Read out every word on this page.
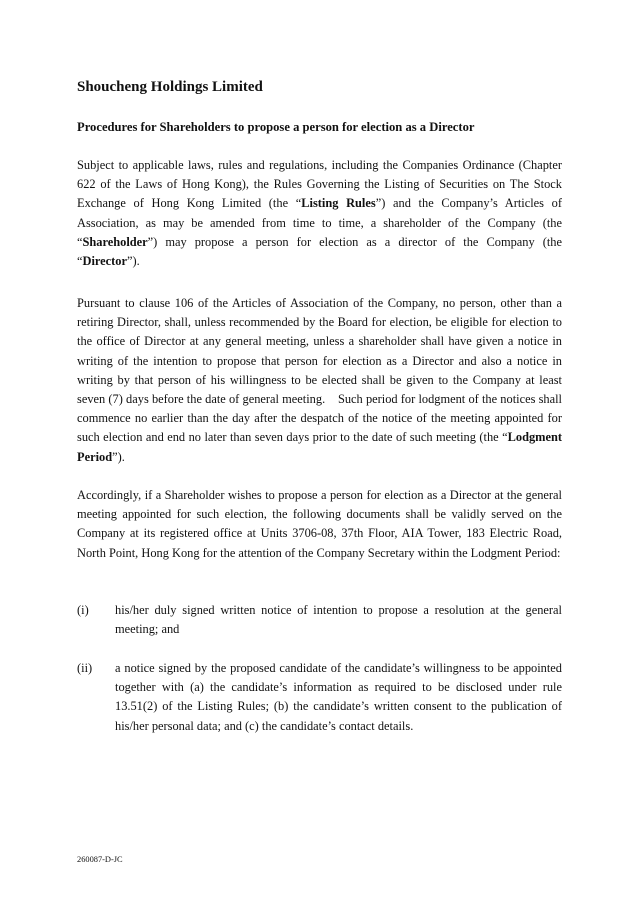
Shoucheng Holdings Limited
Procedures for Shareholders to propose a person for election as a Director

Subject to applicable laws, rules and regulations, including the Companies Ordinance (Chapter 622 of the Laws of Hong Kong), the Rules Governing the Listing of Securities on The Stock Exchange of Hong Kong Limited (the “Listing Rules”) and the Company’s Articles of Association, as may be amended from time to time, a shareholder of the Company (the “Shareholder”) may propose a person for election as a director of the Company (the “Director”).

Pursuant to clause 106 of the Articles of Association of the Company, no person, other than a retiring Director, shall, unless recommended by the Board for election, be eligible for election to the office of Director at any general meeting, unless a shareholder shall have given a notice in writing of the intention to propose that person for election as a Director and also a notice in writing by that person of his willingness to be elected shall be given to the Company at least seven (7) days before the date of general meeting.    Such period for lodgment of the notices shall commence no earlier than the day after the despatch of the notice of the meeting appointed for such election and end no later than seven days prior to the date of such meeting (the “Lodgment Period”).

Accordingly, if a Shareholder wishes to propose a person for election as a Director at the general meeting appointed for such election, the following documents shall be validly served on the Company at its registered office at Units 3706-08, 37th Floor, AIA Tower, 183 Electric Road, North Point, Hong Kong for the attention of the Company Secretary within the Lodgment Period:

(i) his/her duly signed written notice of intention to propose a resolution at the general meeting; and
(ii) a notice signed by the proposed candidate of the candidate’s willingness to be appointed together with (a) the candidate’s information as required to be disclosed under rule 13.51(2) of the Listing Rules; (b) the candidate’s written consent to the publication of his/her personal data; and (c) the candidate’s contact details.

260087-D-JC
